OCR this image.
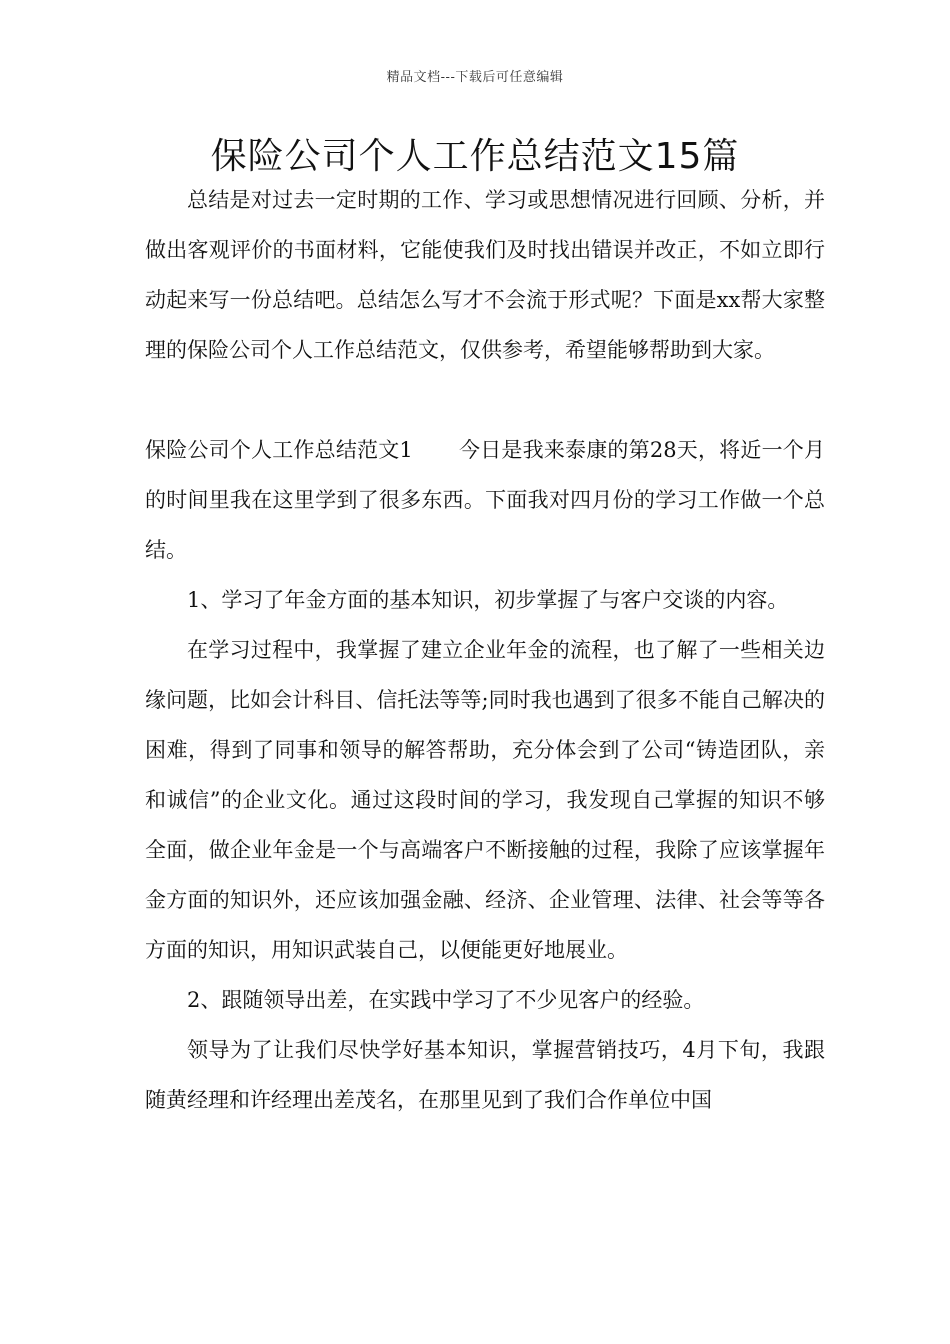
精品文档---下载后可任意编辑
保险公司个人工作总结范文15篇

总结是对过去一定时期的工作、学习或思想情况进行回顾、分析，并做出客观评价的书面材料，它能使我们及时找出错误并改正，不如立即行动起来写一份总结吧。总结怎么写才不会流于形式呢？下面是xx帮大家整理的保险公司个人工作总结范文，仅供参考，希望能够帮助到大家。

保险公司个人工作总结范文1 今日是我来泰康的第28天，将近一个月的时间里我在这里学到了很多东西。下面我对四月份的学习工作做一个总结。

1、学习了年金方面的基本知识，初步掌握了与客户交谈的内容。

在学习过程中，我掌握了建立企业年金的流程，也了解了一些相关边缘问题，比如会计科目、信托法等等;同时我也遇到了很多不能自己解决的困难，得到了同事和领导的解答帮助，充分体会到了公司“铸造团队，亲和诚信”的企业文化。通过这段时间的学习，我发现自己掌握的知识不够全面，做企业年金是一个与高端客户不断接触的过程，我除了应该掌握年金方面的知识外，还应该加强金融、经济、企业管理、法律、社会等等各方面的知识，用知识武装自己，以便能更好地展业。

2、跟随领导出差，在实践中学习了不少见客户的经验。

领导为了让我们尽快学好基本知识，掌握营销技巧，4月下旬，我跟随黄经理和许经理出差茂名，在那里见到了我们合作单位中国
